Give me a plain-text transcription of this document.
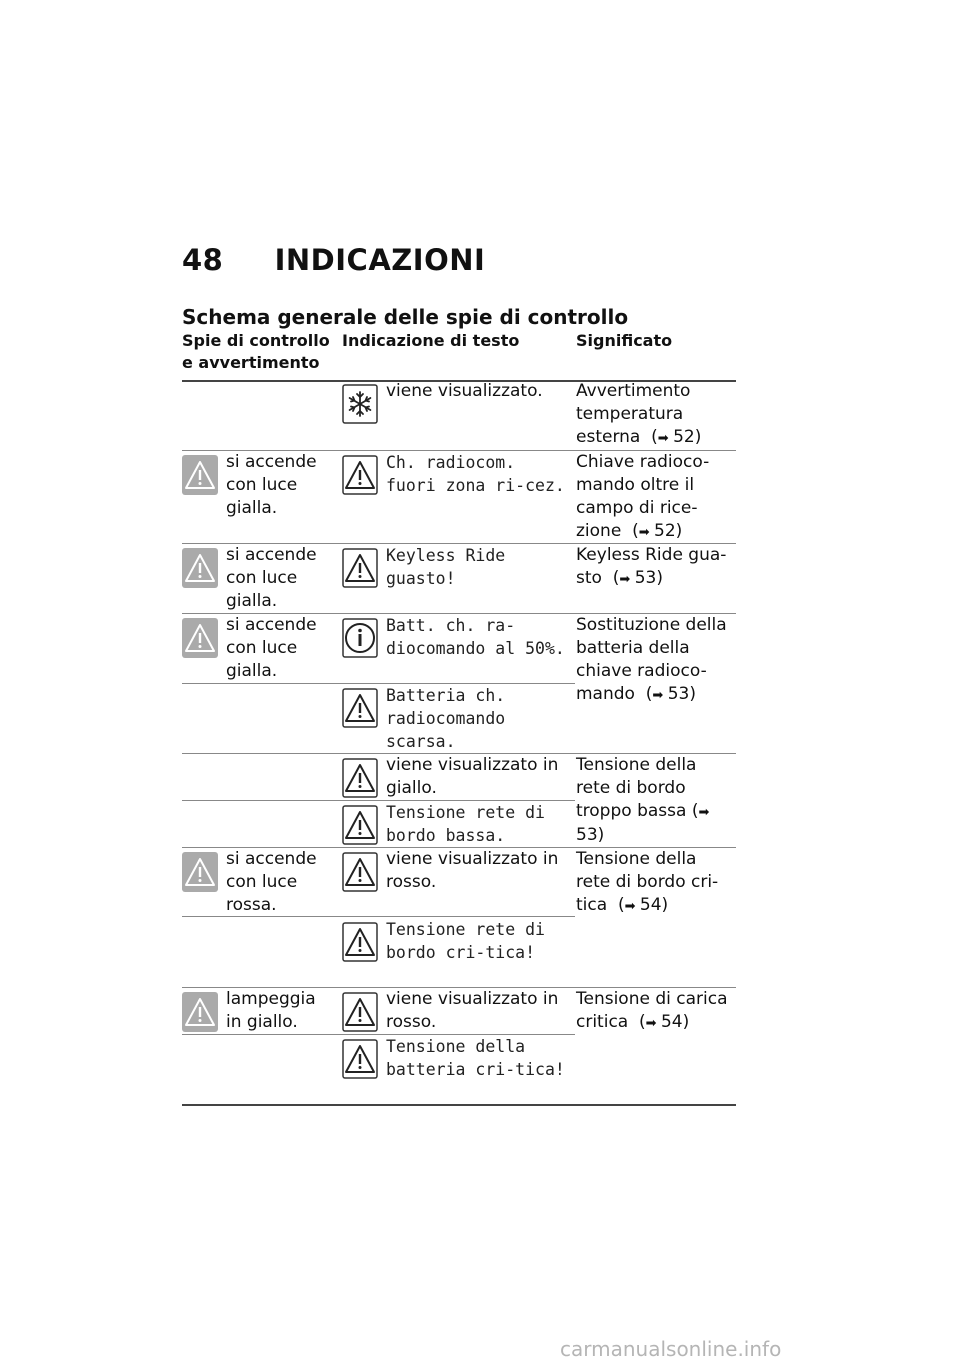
48 INDICAZIONI
Schema generale delle spie di controllo
Spie di controllo
e avvertimento
Indicazione di testo	Significato
viene visualizzato.	Avvertimento temperatura esterna  (➡ 52)
si accende con luce gialla.
Ch. radiocom. fuori zona ri-cez.
Chiave radioco-mando oltre il campo di rice-zione  (➡ 52)
si accende con luce gialla.
Keyless Ride guasto!
Keyless Ride gua-sto  (➡ 53)
si accende con luce gialla.
Batt. ch. ra-diocomando al 50%.
Batteria ch. radiocomando scarsa.
Sostituzione della batteria della chiave radioco-mando  (➡ 53)
viene visualizzato in giallo.
Tensione rete di bordo bassa.
Tensione della rete di bordo troppo bassa (➡ 53)
si accende con luce rossa.
viene visualizzato in rosso.
Tensione rete di bordo cri-tica!
Tensione della rete di bordo cri-tica  (➡ 54)
lampeggia in giallo.
viene visualizzato in rosso.
Tensione della batteria cri-tica!
Tensione di carica critica  (➡ 54)
carmanualsonline.info
